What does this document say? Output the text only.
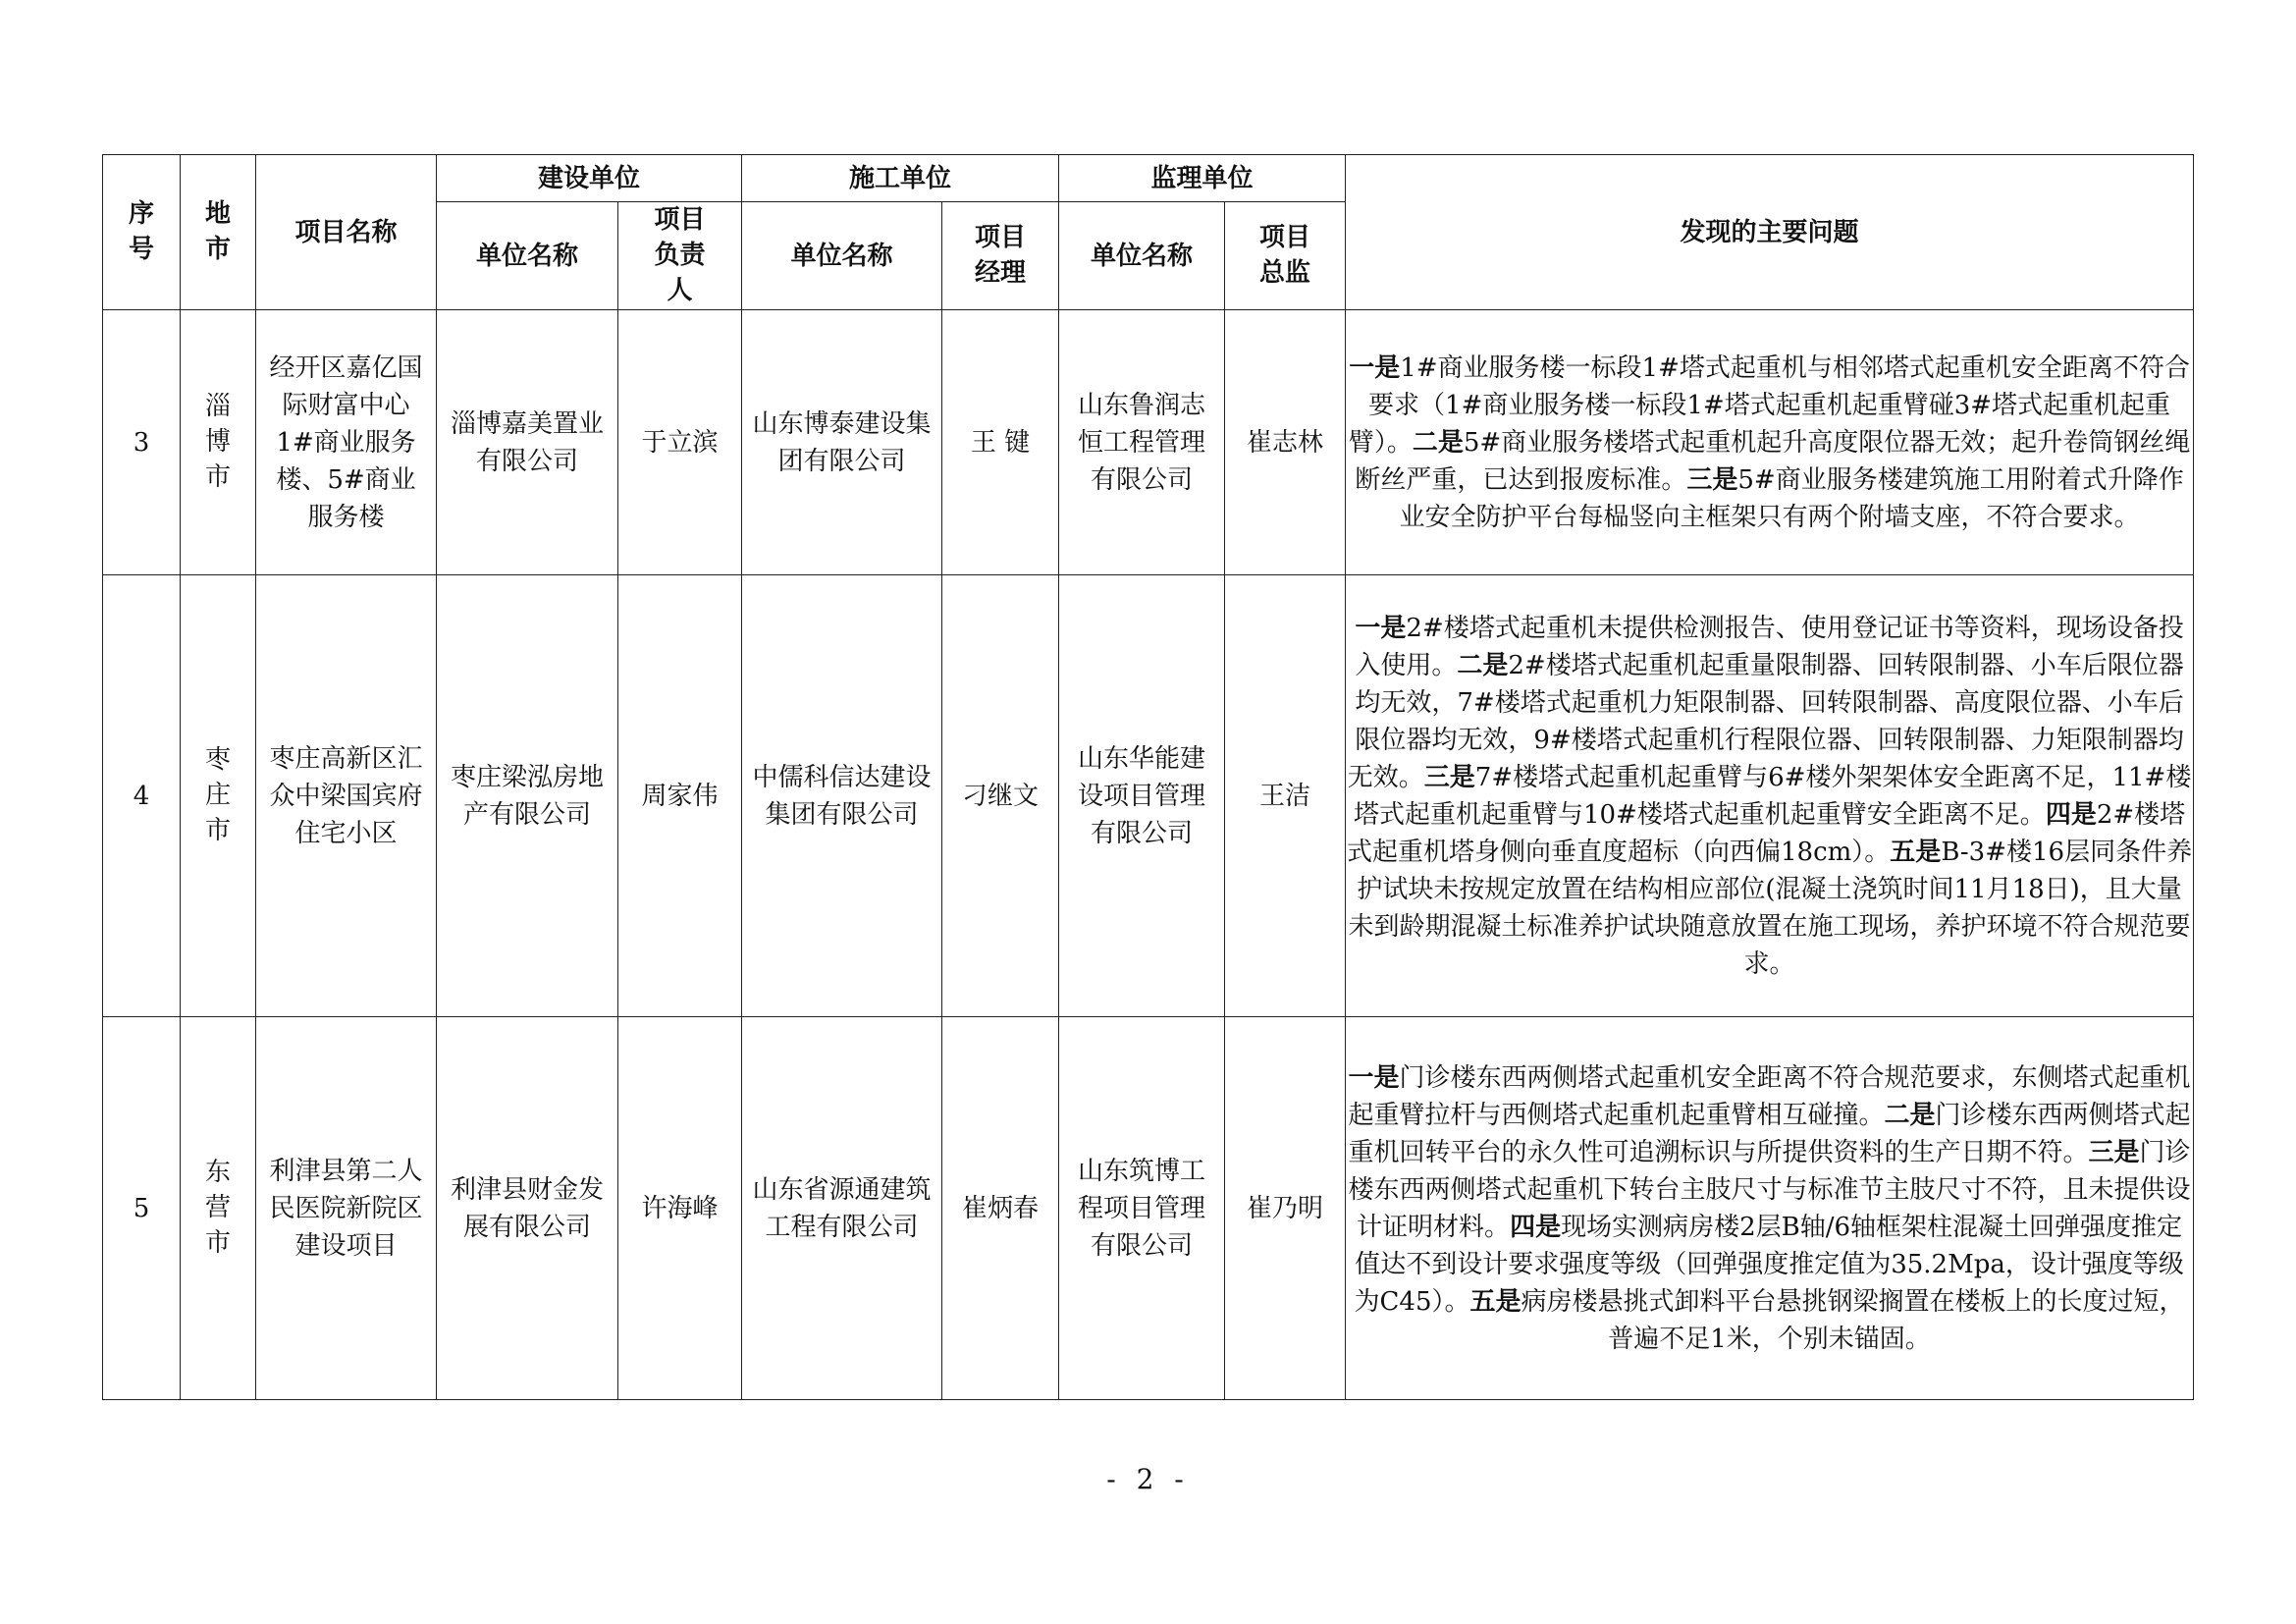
序号	地市	项目名称	建设单位		施工单位		监理单位		发现的主要问题
			单位名称	项目负责人	单位名称	项目经理	单位名称	项目总监	
3	淄博市	经开区嘉亿国际财富中心1#商业服务楼、5#商业服务楼	淄博嘉美置业有限公司	于立滨	山东博泰建设集团有限公司	王 键	山东鲁润志恒工程管理有限公司	崔志林	一是1#商业服务楼一标段1#塔式起重机与相邻塔式起重机安全距离不符合要求（1#商业服务楼一标段1#塔式起重机起重臂碰3#塔式起重机起重臂）。二是5#商业服务楼塔式起重机起升高度限位器无效；起升卷筒钢丝绳断丝严重，已达到报废标准。三是5#商业服务楼建筑施工用附着式升降作业安全防护平台每榀竖向主框架只有两个附墙支座，不符合要求。
4	枣庄市	枣庄高新区汇众中梁国宾府住宅小区	枣庄梁泓房地产有限公司	周家伟	中儒科信达建设集团有限公司	刁继文	山东华能建设项目管理有限公司	王洁	一是2#楼塔式起重机未提供检测报告、使用登记证书等资料，现场设备投入使用。二是2#楼塔式起重机起重量限制器、回转限制器、小车后限位器均无效，7#楼塔式起重机力矩限制器、回转限制器、高度限位器、小车后限位器均无效，9#楼塔式起重机行程限位器、回转限制器、力矩限制器均无效。三是7#楼塔式起重机起重臂与6#楼外架架体安全距离不足，11#楼塔式起重机起重臂与10#楼塔式起重机起重臂安全距离不足。四是2#楼塔式起重机塔身侧向垂直度超标（向西偏18cm）。五是B-3#楼16层同条件养护试块未按规定放置在结构相应部位(混凝土浇筑时间11月18日)，且大量未到龄期混凝土标准养护试块随意放置在施工现场，养护环境不符合规范要求。
5	东营市	利津县第二人民医院新院区建设项目	利津县财金发展有限公司	许海峰	山东省源通建筑工程有限公司	崔炳春	山东筑博工程项目管理有限公司	崔乃明	一是门诊楼东西两侧塔式起重机安全距离不符合规范要求，东侧塔式起重机起重臂拉杆与西侧塔式起重机起重臂相互碰撞。二是门诊楼东西两侧塔式起重机回转平台的永久性可追溯标识与所提供资料的生产日期不符。三是门诊楼东西两侧塔式起重机下转台主肢尺寸与标准节主肢尺寸不符，且未提供设计证明材料。四是现场实测病房楼2层B轴/6轴框架柱混凝土回弹强度推定值达不到设计要求强度等级（回弹强度推定值为35.2Mpa，设计强度等级为C45）。五是病房楼悬挑式卸料平台悬挑钢梁搁置在楼板上的长度过短，普遍不足1米，个别未锚固。
- 2 -
